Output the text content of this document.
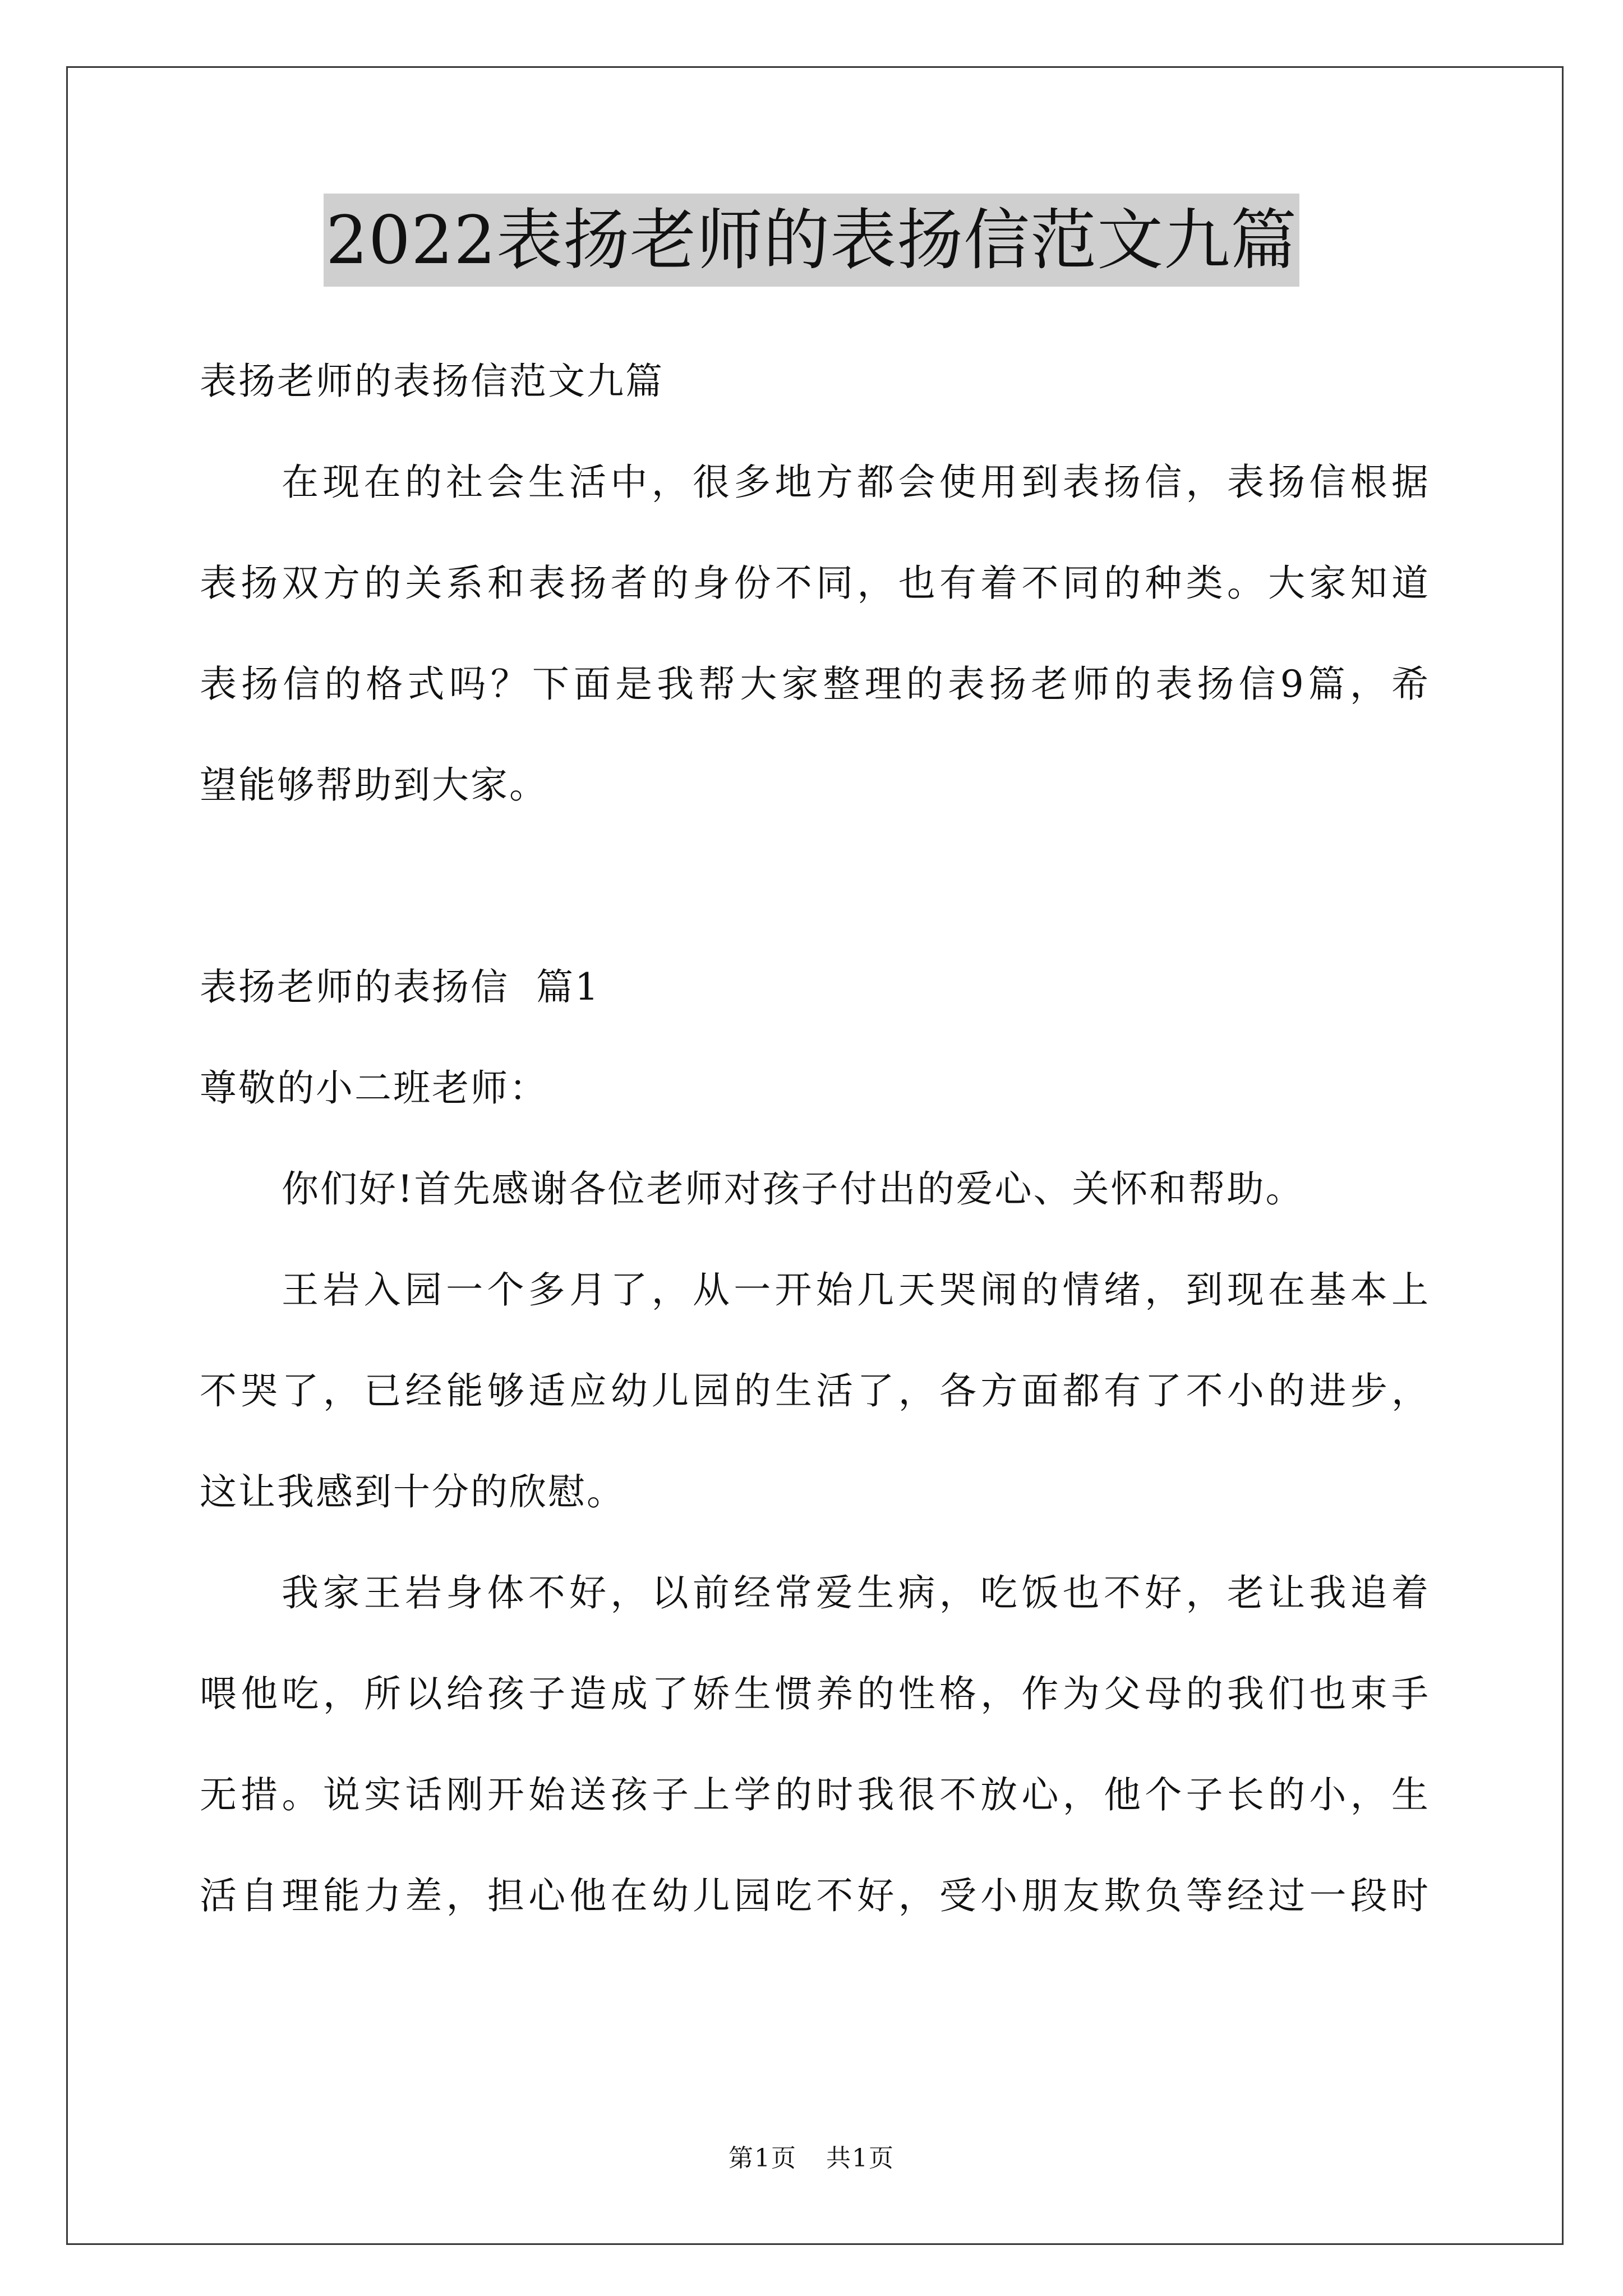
2022表扬老师的表扬信范文九篇
表扬老师的表扬信范文九篇
在现在的社会生活中，很多地方都会使用到表扬信，表扬信根据
表扬双方的关系和表扬者的身份不同，也有着不同的种类。大家知道
表扬信的格式吗？下面是我帮大家整理的表扬老师的表扬信9篇，希
望能够帮助到大家。
表扬老师的表扬信  篇1
尊敬的小二班老师：
你们好!首先感谢各位老师对孩子付出的爱心、关怀和帮助。
王岩入园一个多月了，从一开始几天哭闹的情绪，到现在基本上
不哭了，已经能够适应幼儿园的生活了，各方面都有了不小的进步，
这让我感到十分的欣慰。
我家王岩身体不好，以前经常爱生病，吃饭也不好，老让我追着
喂他吃，所以给孩子造成了娇生惯养的性格，作为父母的我们也束手
无措。说实话刚开始送孩子上学的时我很不放心，他个子长的小，生
活自理能力差，担心他在幼儿园吃不好，受小朋友欺负等经过一段时
第1页 共1页
